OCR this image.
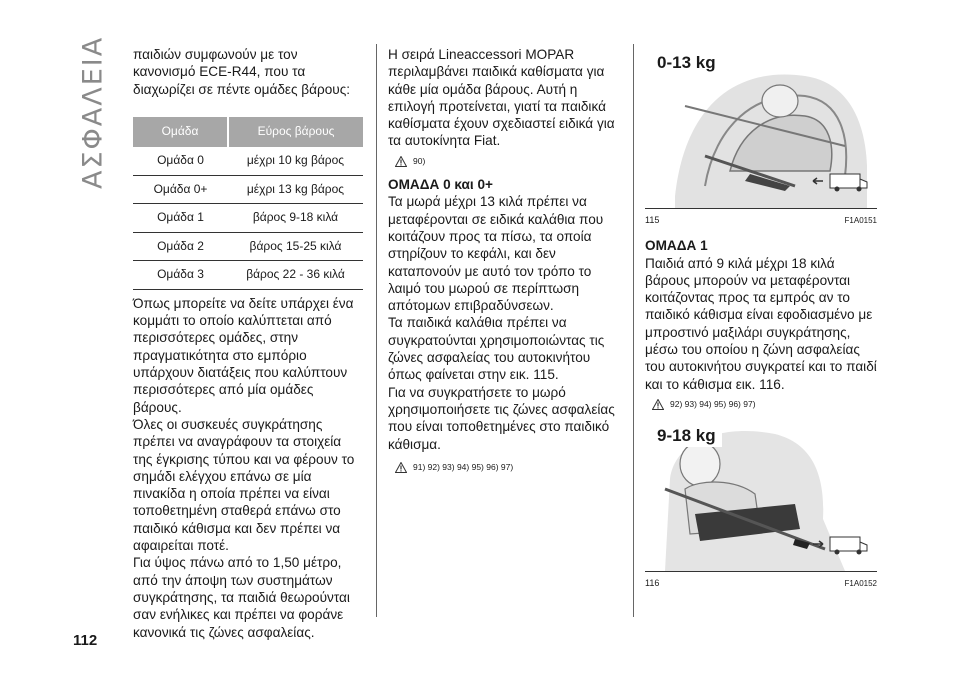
ΑΣΦΑΛΕΙΑ
112

παιδιών συμφωνούν με τον κανονισμό ECE-R44, που τα διαχωρίζει σε πέντε ομάδες βάρους:

Ομάδα	Εύρος βάρους
Ομάδα 0	μέχρι 10 kg βάρος
Ομάδα 0+	μέχρι 13 kg βάρος
Ομάδα 1	βάρος 9-18 κιλά
Ομάδα 2	βάρος 15-25 κιλά
Ομάδα 3	βάρος 22 - 36 κιλά

Όπως μπορείτε να δείτε υπάρχει ένα κομμάτι το οποίο καλύπτεται από περισσότερες ομάδες, στην πραγματικότητα στο εμπόριο υπάρχουν διατάξεις που καλύπτουν περισσότερες από μία ομάδες βάρους.

Όλες οι συσκευές συγκράτησης πρέπει να αναγράφουν τα στοιχεία της έγκρισης τύπου και να φέρουν το σημάδι ελέγχου επάνω σε μία πινακίδα η οποία πρέπει να είναι τοποθετημένη σταθερά επάνω στο παιδικό κάθισμα και δεν πρέπει να αφαιρείται ποτέ.

Για ύψος πάνω από το 1,50 μέτρο, από την άποψη των συστημάτων συγκράτησης, τα παιδιά θεωρούνται σαν ενήλικες και πρέπει να φοράνε κανονικά τις ζώνες ασφαλείας.

Η σειρά Lineaccessori MOPAR περιλαμβάνει παιδικά καθίσματα για κάθε μία ομάδα βάρους. Αυτή η επιλογή προτείνεται, γιατί τα παιδικά καθίσματα έχουν σχεδιαστεί ειδικά για τα αυτοκίνητα Fiat.

90)

ΟΜΑΔΑ 0 και 0+

Τα μωρά μέχρι 13 κιλά πρέπει να μεταφέρονται σε ειδικά καλάθια που κοιτάζουν προς τα πίσω, τα οποία στηρίζουν το κεφάλι, και δεν καταπονούν με αυτό τον τρόπο το λαιμό του μωρού σε περίπτωση απότομων επιβραδύνσεων.

Τα παιδικά καλάθια πρέπει να συγκρατούνται χρησιμοποιώντας τις ζώνες ασφαλείας του αυτοκινήτου όπως φαίνεται στην εικ. 115.

Για να συγκρατήσετε το μωρό χρησιμοποιήσετε τις ζώνες ασφαλείας που είναι τοποθετημένες στο παιδικό κάθισμα.

91) 92) 93) 94) 95) 96) 97)
0-13 kg
115	F1A0151

ΟΜΑΔΑ 1

Παιδιά από 9 κιλά μέχρι 18 κιλά βάρους μπορούν να μεταφέρονται κοιτάζοντας προς τα εμπρός αν το παιδικό κάθισμα είναι εφοδιασμένο με μπροστινό μαξιλάρι συγκράτησης, μέσω του οποίου η ζώνη ασφαλείας του αυτοκινήτου συγκρατεί και το παιδί και το κάθισμα εικ. 116.

92) 93) 94) 95) 96) 97)
9-18 kg
116	F1A0152
